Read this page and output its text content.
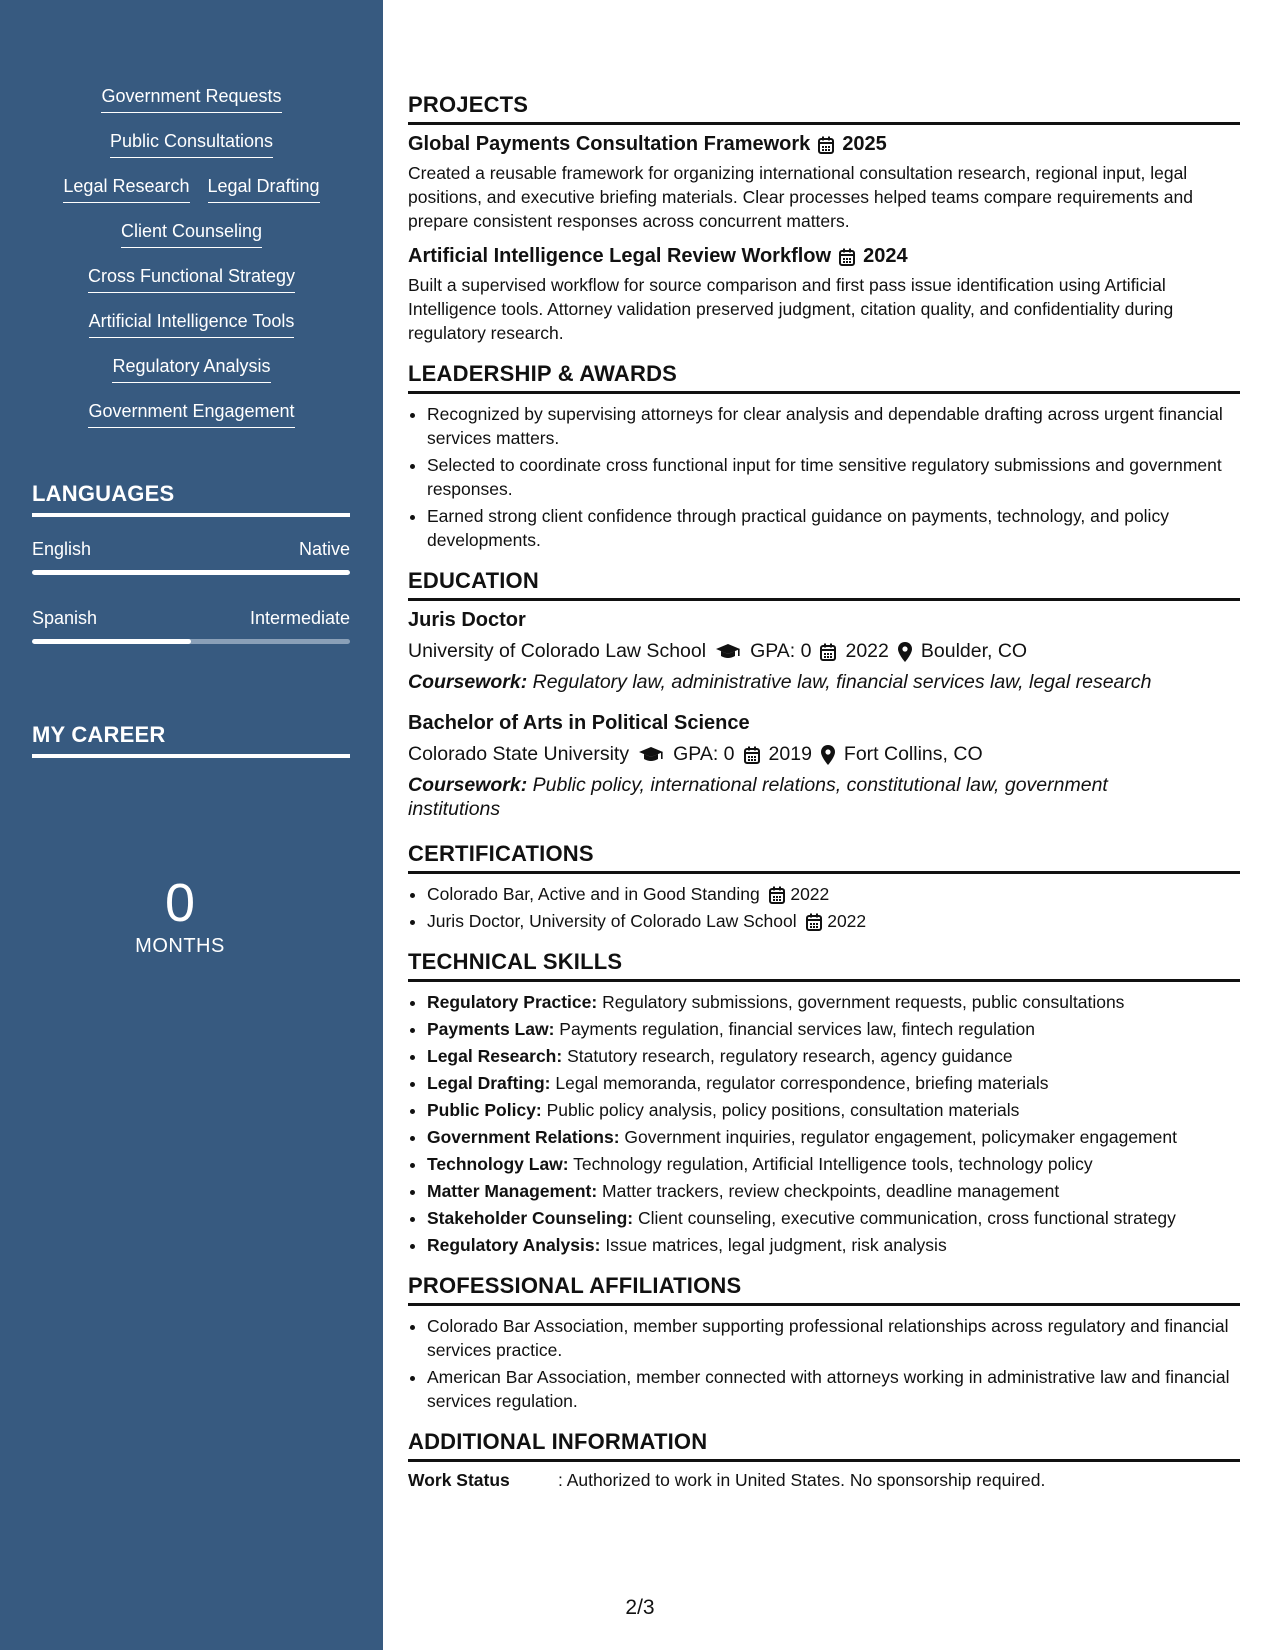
Government Requests
Public Consultations
Legal Research Legal Drafting
Client Counseling
Cross Functional Strategy
Artificial Intelligence Tools
Regulatory Analysis
Government Engagement
LANGUAGES
English	Native
Spanish	Intermediate
MY CAREER
0
MONTHS
PROJECTS
Global Payments Consultation Framework 2025
Created a reusable framework for organizing international consultation research, regional input, legal positions, and executive briefing materials. Clear processes helped teams compare requirements and prepare consistent responses across concurrent matters.
Artificial Intelligence Legal Review Workflow 2024
Built a supervised workflow for source comparison and first pass issue identification using Artificial Intelligence tools. Attorney validation preserved judgment, citation quality, and confidentiality during regulatory research.
LEADERSHIP & AWARDS
• Recognized by supervising attorneys for clear analysis and dependable drafting across urgent financial services matters.
• Selected to coordinate cross functional input for time sensitive regulatory submissions and government responses.
• Earned strong client confidence through practical guidance on payments, technology, and policy developments.
EDUCATION
Juris Doctor
University of Colorado Law School GPA: 0 2022 Boulder, CO
Coursework: Regulatory law, administrative law, financial services law, legal research
Bachelor of Arts in Political Science
Colorado State University GPA: 0 2019 Fort Collins, CO
Coursework: Public policy, international relations, constitutional law, government institutions
CERTIFICATIONS
• Colorado Bar, Active and in Good Standing 2022
• Juris Doctor, University of Colorado Law School 2022
TECHNICAL SKILLS
• Regulatory Practice: Regulatory submissions, government requests, public consultations
• Payments Law: Payments regulation, financial services law, fintech regulation
• Legal Research: Statutory research, regulatory research, agency guidance
• Legal Drafting: Legal memoranda, regulator correspondence, briefing materials
• Public Policy: Public policy analysis, policy positions, consultation materials
• Government Relations: Government inquiries, regulator engagement, policymaker engagement
• Technology Law: Technology regulation, Artificial Intelligence tools, technology policy
• Matter Management: Matter trackers, review checkpoints, deadline management
• Stakeholder Counseling: Client counseling, executive communication, cross functional strategy
• Regulatory Analysis: Issue matrices, legal judgment, risk analysis
PROFESSIONAL AFFILIATIONS
• Colorado Bar Association, member supporting professional relationships across regulatory and financial services practice.
• American Bar Association, member connected with attorneys working in administrative law and financial services regulation.
ADDITIONAL INFORMATION
Work Status	: Authorized to work in United States. No sponsorship required.
2/3
